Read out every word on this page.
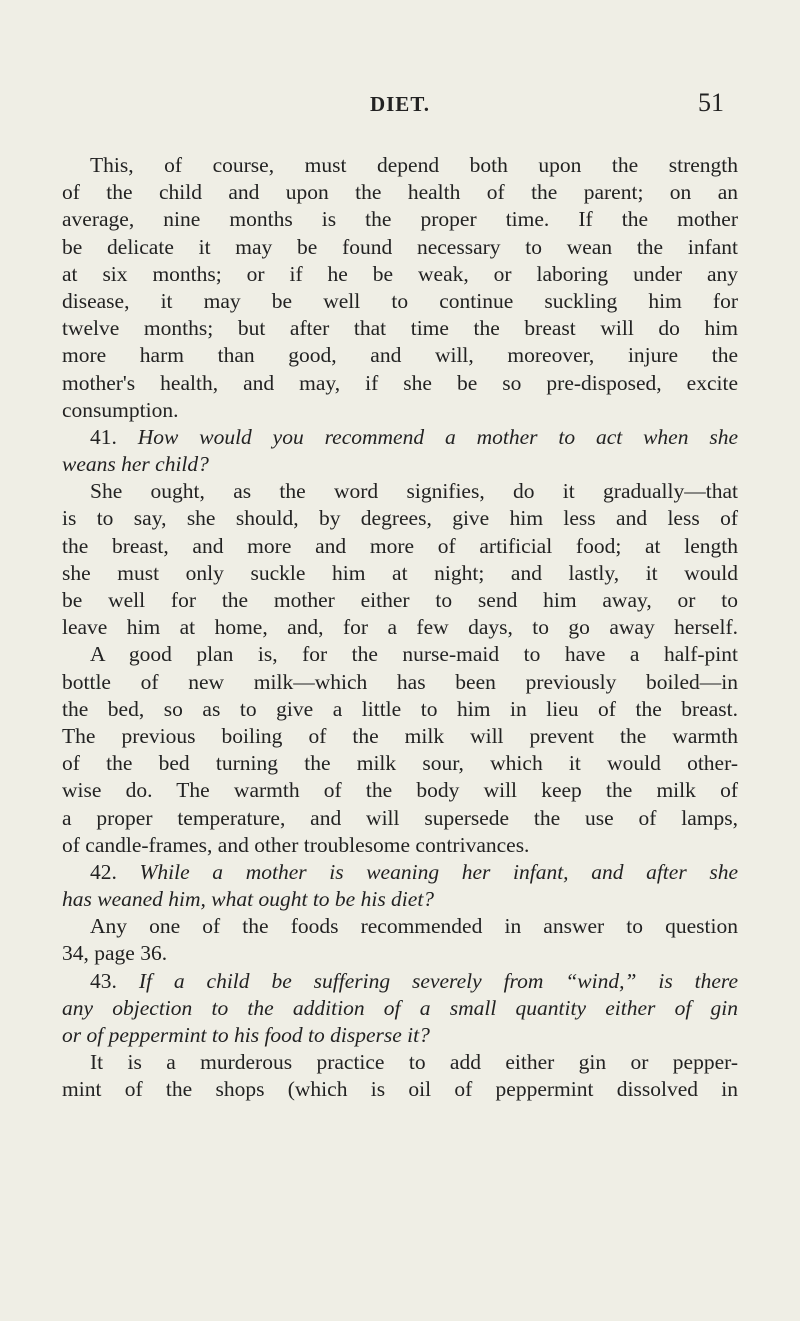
DIET.	51
This, of course, must depend both upon the strength
of the child and upon the health of the parent; on an
average, nine months is the proper time. If the mother
be delicate it may be found necessary to wean the infant
at six months; or if he be weak, or laboring under any
disease, it may be well to continue suckling him for
twelve months; but after that time the breast will do him
more harm than good, and will, moreover, injure the
mother's health, and may, if she be so pre-disposed, excite
consumption.
41. How would you recommend a mother to act when she
weans her child?
She ought, as the word signifies, do it gradually—that
is to say, she should, by degrees, give him less and less of
the breast, and more and more of artificial food; at length
she must only suckle him at night; and lastly, it would
be well for the mother either to send him away, or to
leave him at home, and, for a few days, to go away herself.
A good plan is, for the nurse-maid to have a half-pint
bottle of new milk—which has been previously boiled—in
the bed, so as to give a little to him in lieu of the breast.
The previous boiling of the milk will prevent the warmth
of the bed turning the milk sour, which it would other-
wise do. The warmth of the body will keep the milk of
a proper temperature, and will supersede the use of lamps,
of candle-frames, and other troublesome contrivances.
42. While a mother is weaning her infant, and after she
has weaned him, what ought to be his diet?
Any one of the foods recommended in answer to question
34, page 36.
43. If a child be suffering severely from “wind,” is there
any objection to the addition of a small quantity either of gin
or of peppermint to his food to disperse it?
It is a murderous practice to add either gin or pepper-
mint of the shops (which is oil of peppermint dissolved in
